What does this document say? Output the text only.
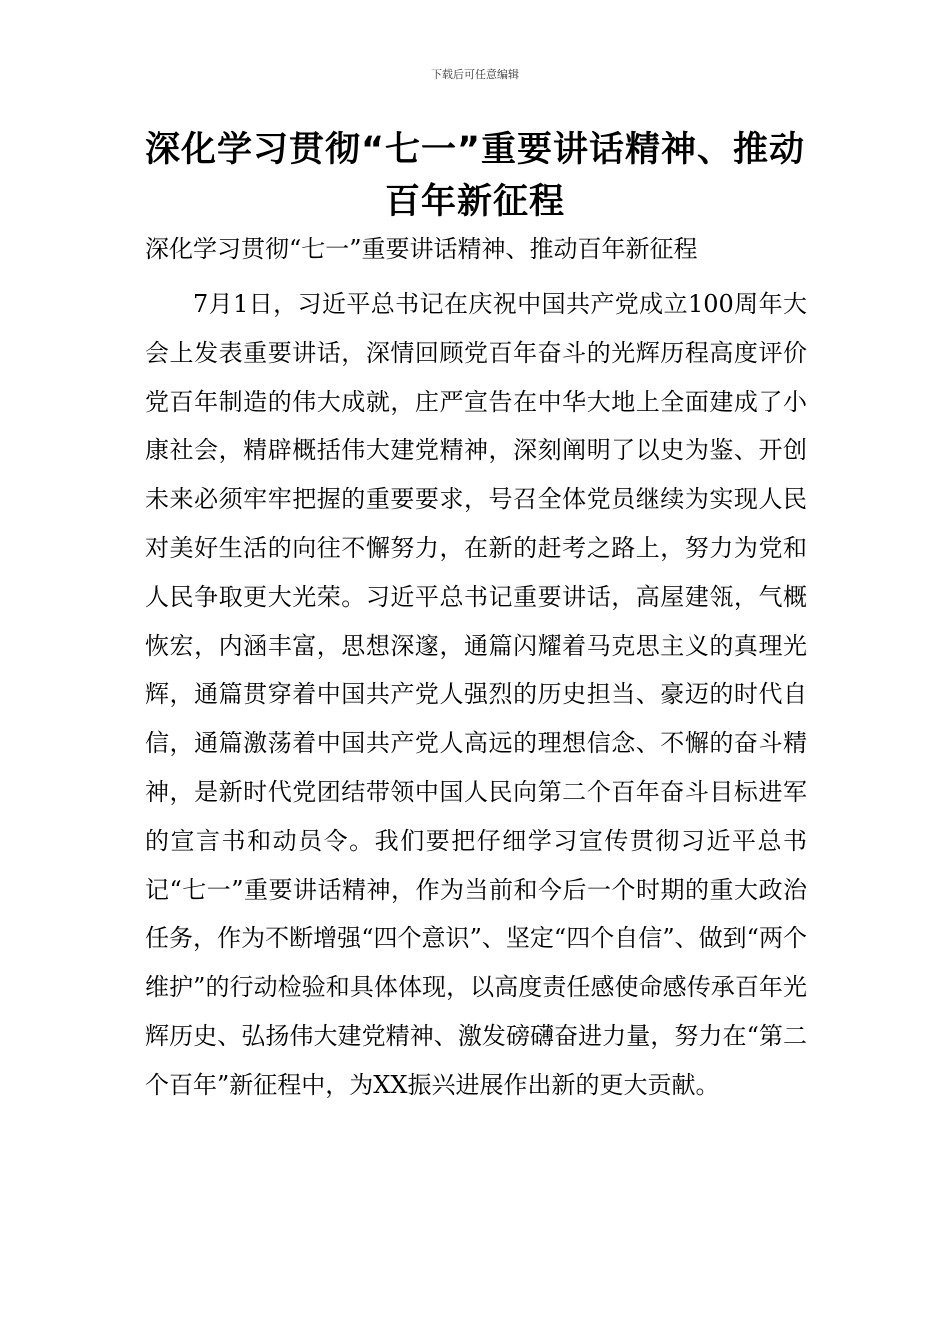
下载后可任意编辑
深化学习贯彻“七一”重要讲话精神、推动百年新征程

深化学习贯彻“七一”重要讲话精神、推动百年新征程

7月1日，习近平总书记在庆祝中国共产党成立100周年大会上发表重要讲话，深情回顾党百年奋斗的光辉历程高度评价党百年制造的伟大成就，庄严宣告在中华大地上全面建成了小康社会，精辟概括伟大建党精神，深刻阐明了以史为鉴、开创未来必须牢牢把握的重要要求，号召全体党员继续为实现人民对美好生活的向往不懈努力，在新的赶考之路上，努力为党和人民争取更大光荣。习近平总书记重要讲话，高屋建瓴，气概恢宏，内涵丰富，思想深邃，通篇闪耀着马克思主义的真理光辉，通篇贯穿着中国共产党人强烈的历史担当、豪迈的时代自信，通篇激荡着中国共产党人高远的理想信念、不懈的奋斗精神，是新时代党团结带领中国人民向第二个百年奋斗目标进军的宣言书和动员令。我们要把仔细学习宣传贯彻习近平总书记“七一”重要讲话精神，作为当前和今后一个时期的重大政治任务，作为不断增强“四个意识”、坚定“四个自信”、做到“两个维护”的行动检验和具体体现，以高度责任感使命感传承百年光辉历史、弘扬伟大建党精神、激发磅礴奋进力量，努力在“第二个百年”新征程中，为XX振兴进展作出新的更大贡献。
